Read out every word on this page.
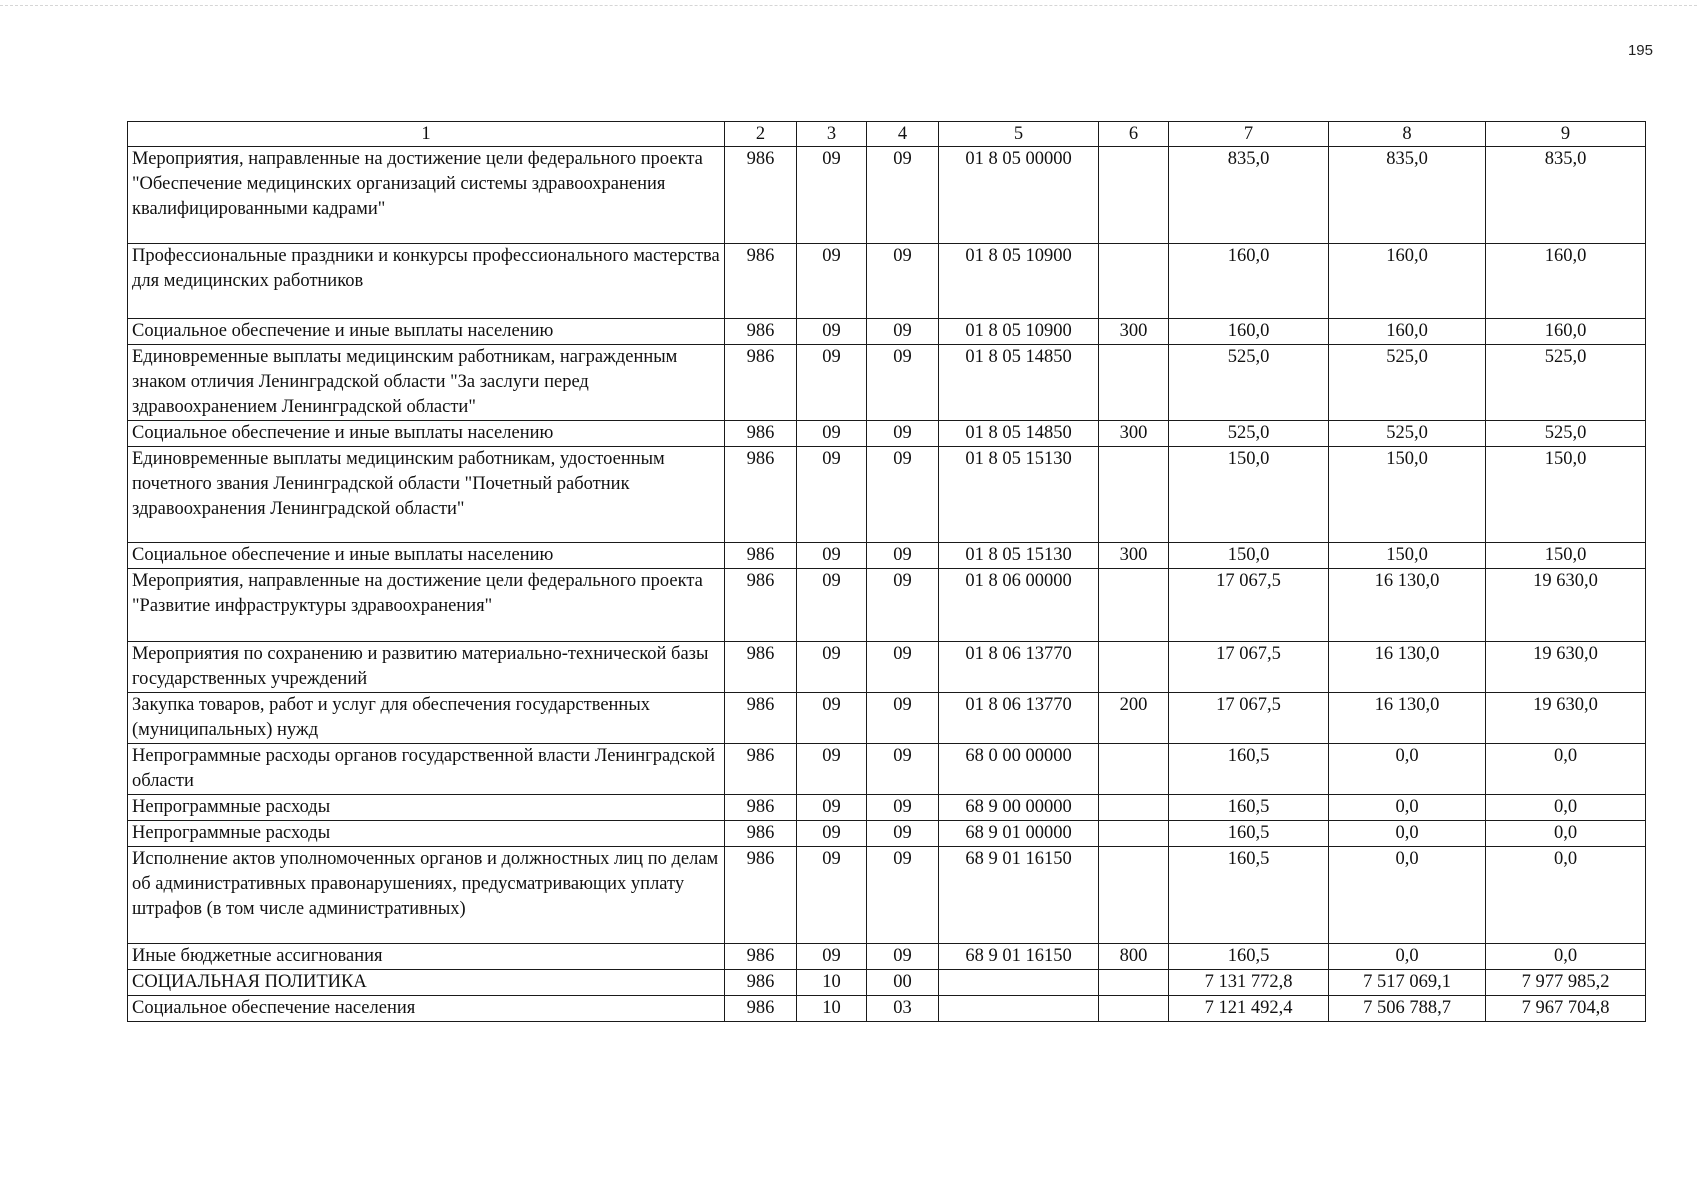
195
1	2	3	4	5	6	7	8	9
Мероприятия, направленные на достижение цели федерального проекта "Обеспечение медицинских организаций системы здравоохранения квалифицированными кадрами"	986	09	09	01 8 05 00000		835,0	835,0	835,0
Профессиональные праздники и конкурсы профессионального мастерства для медицинских работников	986	09	09	01 8 05 10900		160,0	160,0	160,0
Социальное обеспечение и иные выплаты населению	986	09	09	01 8 05 10900	300	160,0	160,0	160,0
Единовременные выплаты медицинским работникам, награжденным знаком отличия Ленинградской области "За заслуги перед здравоохранением Ленинградской области"	986	09	09	01 8 05 14850		525,0	525,0	525,0
Социальное обеспечение и иные выплаты населению	986	09	09	01 8 05 14850	300	525,0	525,0	525,0
Единовременные выплаты медицинским работникам, удостоенным почетного звания Ленинградской области "Почетный работник здравоохранения Ленинградской области"	986	09	09	01 8 05 15130		150,0	150,0	150,0
Социальное обеспечение и иные выплаты населению	986	09	09	01 8 05 15130	300	150,0	150,0	150,0
Мероприятия, направленные на достижение цели федерального проекта "Развитие инфраструктуры здравоохранения"	986	09	09	01 8 06 00000		17 067,5	16 130,0	19 630,0
Мероприятия по сохранению и развитию материально-технической базы государственных учреждений	986	09	09	01 8 06 13770		17 067,5	16 130,0	19 630,0
Закупка товаров, работ и услуг для обеспечения государственных (муниципальных) нужд	986	09	09	01 8 06 13770	200	17 067,5	16 130,0	19 630,0
Непрограммные расходы органов государственной власти Ленинградской области	986	09	09	68 0 00 00000		160,5	0,0	0,0
Непрограммные расходы	986	09	09	68 9 00 00000		160,5	0,0	0,0
Непрограммные расходы	986	09	09	68 9 01 00000		160,5	0,0	0,0
Исполнение актов уполномоченных органов и должностных лиц по делам об административных правонарушениях, предусматривающих уплату штрафов (в том числе административных)	986	09	09	68 9 01 16150		160,5	0,0	0,0
Иные бюджетные ассигнования	986	09	09	68 9 01 16150	800	160,5	0,0	0,0
СОЦИАЛЬНАЯ ПОЛИТИКА	986	10	00			7 131 772,8	7 517 069,1	7 977 985,2
Социальное обеспечение населения	986	10	03			7 121 492,4	7 506 788,7	7 967 704,8
